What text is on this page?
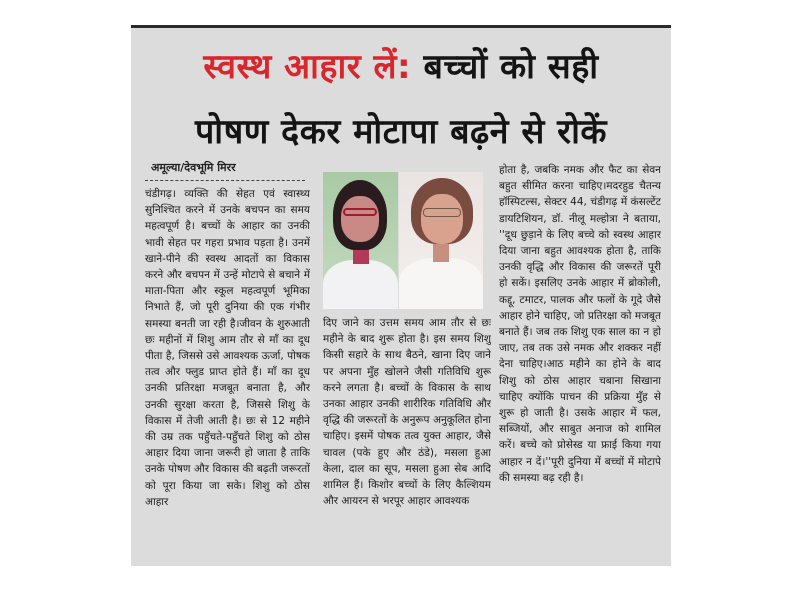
स्वस्थ आहार लें: बच्चों को सही
पोषण देकर मोटापा बढ़ने से रोकें
अमूल्या/देवभूमि मिरर
चंडीगढ़। व्यक्ति की सेहत एवं स्वास्थ्य सुनिश्चित करने में उनके बचपन का समय महत्वपूर्ण है। बच्चों के आहार का उनकी भावी सेहत पर गहरा प्रभाव पड़ता है। उनमें खाने-पीने की स्वस्थ आदतों का विकास करने और बचपन में उन्हें मोटापे से बचाने में माता-पिता और स्कूल महत्वपूर्ण भूमिका निभाते हैं, जो पूरी दुनिया की एक गंभीर समस्या बनती जा रही है।जीवन के शुरुआती छः महीनों में शिशु आम तौर से माँ का दूध पीता है, जिससे उसे आवश्यक ऊर्जा, पोषक तत्व और फ्लुड प्राप्त होते हैं। माँ का दूध उनकी प्रतिरक्षा मजबूत बनाता है, और उनकी सुरक्षा करता है, जिससे शिशु के विकास में तेजी आती है। छः से 12 महीने की उम्र तक पहुँचते-पहुँचते शिशु को ठोस आहार दिया जाना जरूरी हो जाता है ताकि उनके पोषण और विकास की बढ़ती जरूरतों को पूरा किया जा सके। शिशु को ठोस आहार
दिए जाने का उत्तम समय आम तौर से छः महीने के बाद शुरू होता है। इस समय शिशु किसी सहारे के साथ बैठने, खाना दिए जाने पर अपना मुँह खोलने जैसी गतिविधि शुरू करने लगता है। बच्चों के विकास के साथ उनका आहार उनकी शारीरिक गतिविधि और वृद्धि की जरूरतों के अनुरूप अनुकूलित होना चाहिए। इसमें पोषक तत्व युक्त आहार, जैसे चावल (पके हुए और ठंडे), मसला हुआ केला, दाल का सूप, मसला हुआ सेब आदि शामिल हैं। किशोर बच्चों के लिए कैल्शियम और आयरन से भरपूर आहार आवश्यक
होता है, जबकि नमक और फैट का सेवन बहुत सीमित करना चाहिए।मदरहुड चैतन्य हॉस्पिटल्स, सेक्टर 44, चंडीगढ़ में कंसल्टेंट डायटिशियन, डॉ. नीलू मल्होत्रा ने बताया, ''दूध छुड़ाने के लिए बच्चे को स्वस्थ आहार दिया जाना बहुत आवश्यक होता है, ताकि उनकी वृद्धि और विकास की जरूरतें पूरी हो सकें। इसलिए उनके आहार में ब्रोकोली, कद्दू, टमाटर, पालक और फलों के गूदे जैसे आहार होने चाहिए, जो प्रतिरक्षा को मजबूत बनाते हैं। जब तक शिशु एक साल का न हो जाए, तब तक उसे नमक और शक्कर नहीं देना चाहिए।आठ महीने का होने के बाद शिशु को ठोस आहार चबाना सिखाना चाहिए क्योंकि पाचन की प्रक्रिया मुँह से शुरू हो जाती है। उसके आहार में फल, सब्जियों, और साबुत अनाज को शामिल करें। बच्चे को प्रोसेस्ड या फ्राई किया गया आहार न दें।''पूरी दुनिया में बच्चों में मोटापे की समस्या बढ़ रही है।
